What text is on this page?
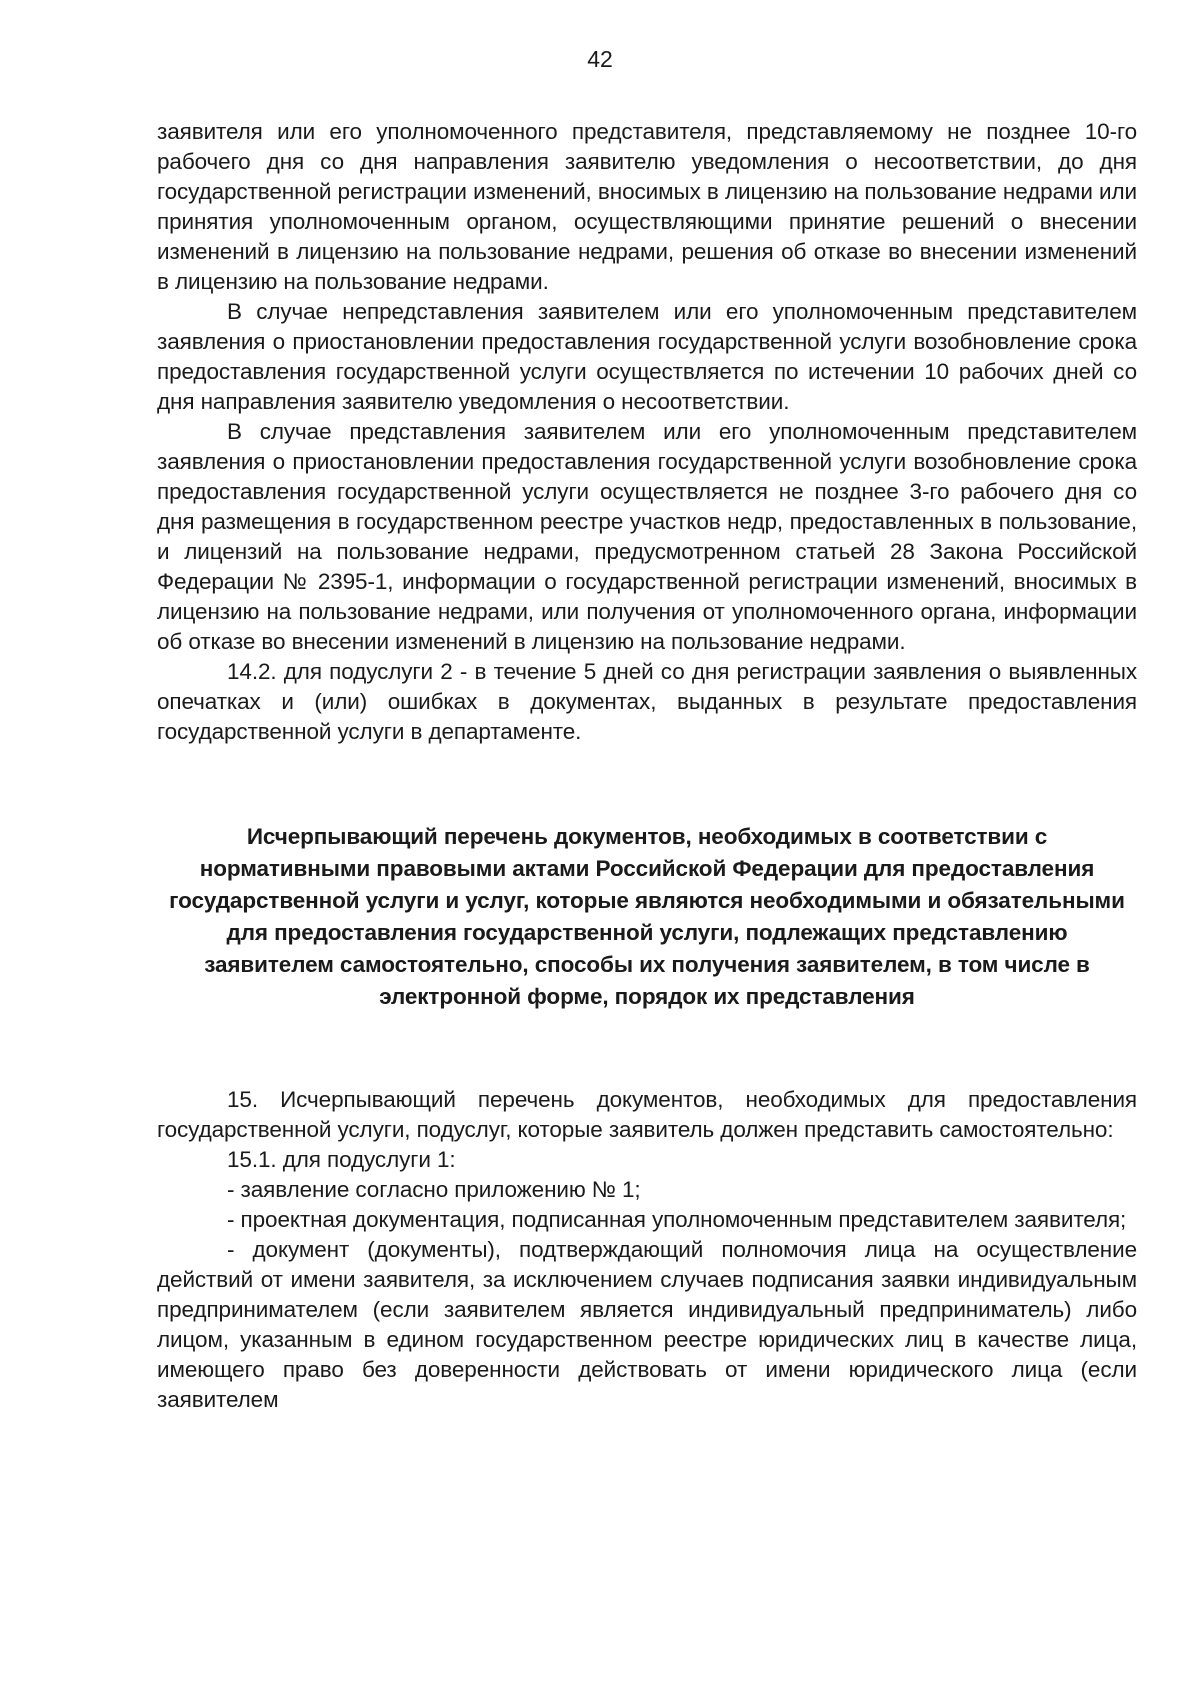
42

заявителя или его уполномоченного представителя, представляемому не позднее 10-го рабочего дня со дня направления заявителю уведомления о несоответствии, до дня государственной регистрации изменений, вносимых в лицензию на пользование недрами или принятия уполномоченным органом, осуществляющими принятие решений о внесении изменений в лицензию на пользование недрами, решения об отказе во внесении изменений в лицензию на пользование недрами.

В случае непредставления заявителем или его уполномоченным представителем заявления о приостановлении предоставления государственной услуги возобновление срока предоставления государственной услуги осуществляется по истечении 10 рабочих дней со дня направления заявителю уведомления о несоответствии.

В случае представления заявителем или его уполномоченным представителем заявления о приостановлении предоставления государственной услуги возобновление срока предоставления государственной услуги осуществляется не позднее 3-го рабочего дня со дня размещения в государственном реестре участков недр, предоставленных в пользование, и лицензий на пользование недрами, предусмотренном статьей 28 Закона Российской Федерации № 2395-1, информации о государственной регистрации изменений, вносимых в лицензию на пользование недрами, или получения от уполномоченного органа, информации об отказе во внесении изменений в лицензию на пользование недрами.

14.2. для подуслуги 2 - в течение 5 дней со дня регистрации заявления о выявленных опечатках и (или) ошибках в документах, выданных в результате предоставления государственной услуги в департаменте.

Исчерпывающий перечень документов, необходимых в соответствии с нормативными правовыми актами Российской Федерации для предоставления государственной услуги и услуг, которые являются необходимыми и обязательными для предоставления государственной услуги, подлежащих представлению заявителем самостоятельно, способы их получения заявителем, в том числе в электронной форме, порядок их представления

15. Исчерпывающий перечень документов, необходимых для предоставления государственной услуги, подуслуг, которые заявитель должен представить самостоятельно:

15.1. для подуслуги 1:

- заявление согласно приложению № 1;

- проектная документация, подписанная уполномоченным представителем заявителя;

- документ (документы), подтверждающий полномочия лица на осуществление действий от имени заявителя, за исключением случаев подписания заявки индивидуальным предпринимателем (если заявителем является индивидуальный предприниматель) либо лицом, указанным в едином государственном реестре юридических лиц в качестве лица, имеющего право без доверенности действовать от имени юридического лица (если заявителем
